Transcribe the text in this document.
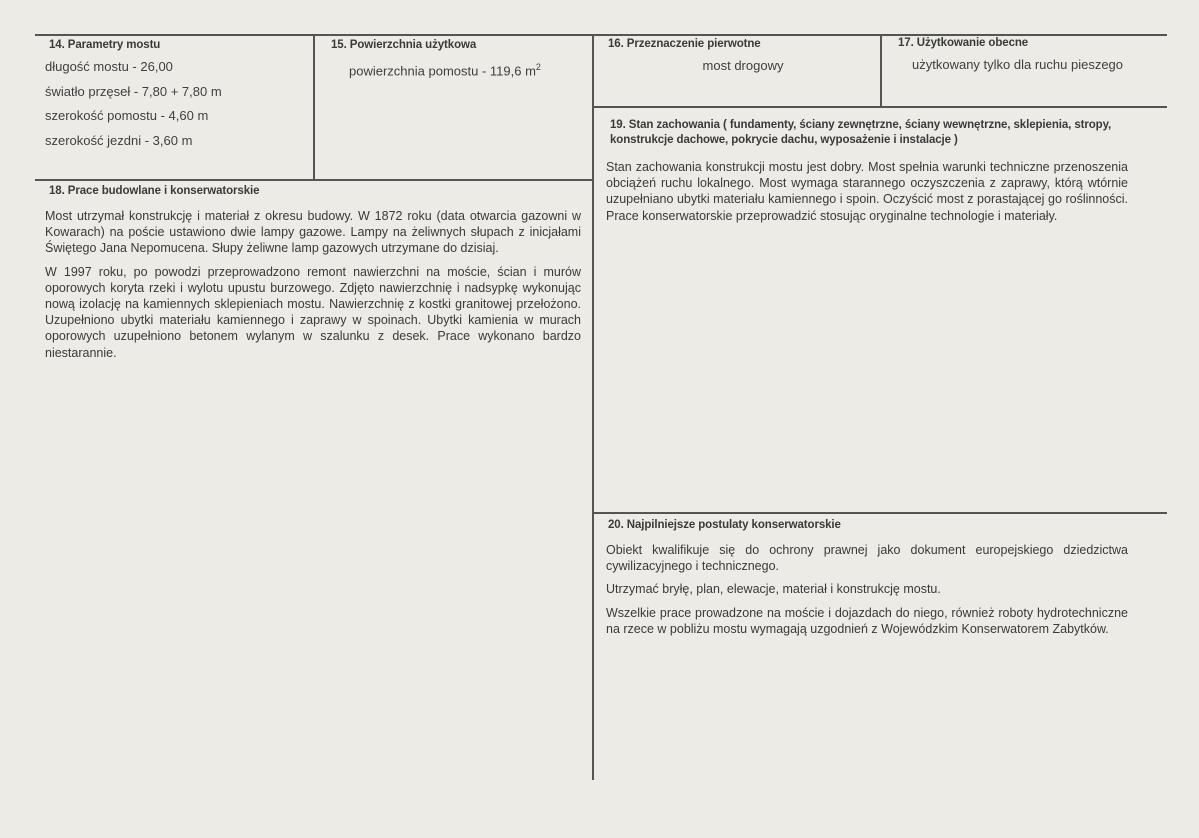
14. Parametry mostu
długość mostu - 26,00
światło przęseł - 7,80 + 7,80 m
szerokość pomostu - 4,60 m
szerokość jezdni - 3,60 m
15. Powierzchnia użytkowa
powierzchnia pomostu - 119,6 $m^2$
16. Przeznaczenie pierwotne
most drogowy
17. Użytkowanie obecne
użytkowany tylko dla ruchu pieszego
18. Prace budowlane i konserwatorskie

Most utrzymał konstrukcję i materiał z okresu budowy. W 1872 roku (data otwarcia gazowni w Kowarach) na poście ustawiono dwie lampy gazowe. Lampy na żeliwnych słupach z inicjałami Świętego Jana Nepomucena. Słupy żeliwne lamp gazowych utrzymane do dzisiaj.

W 1997 roku, po powodzi przeprowadzono remont nawierzchni na moście, ścian i murów oporowych koryta rzeki i wylotu upustu burzowego. Zdjęto nawierzchnię i nadsypkę wykonując nową izolację na kamiennych sklepieniach mostu. Nawierzchnię z kostki granitowej przełożono. Uzupełniono ubytki materiału kamiennego i zaprawy w spoinach. Ubytki kamienia w murach oporowych uzupełniono betonem wylanym w szalunku z desek. Prace wykonano bardzo niestarannie.

19. Stan zachowania ( fundamenty, ściany zewnętrzne, ściany wewnętrzne, sklepienia, stropy, konstrukcje dachowe, pokrycie dachu, wyposażenie i instalacje )

Stan zachowania konstrukcji mostu jest dobry. Most spełnia warunki techniczne przenoszenia obciążeń ruchu lokalnego. Most wymaga starannego oczyszczenia z zaprawy, którą wtórnie uzupełniano ubytki materiału kamiennego i spoin. Oczyścić most z porastającej go roślinności. Prace konserwatorskie przeprowadzić stosując oryginalne technologie i materiały.

20. Najpilniejsze postulaty konserwatorskie

Obiekt kwalifikuje się do ochrony prawnej jako dokument europejskiego dziedzictwa cywilizacyjnego i technicznego.

Utrzymać bryłę, plan, elewacje, materiał i konstrukcję mostu.

Wszelkie prace prowadzone na moście i dojazdach do niego, również roboty hydrotechniczne na rzece w pobliżu mostu wymagają uzgodnień z Wojewódzkim Konserwatorem Zabytków.
